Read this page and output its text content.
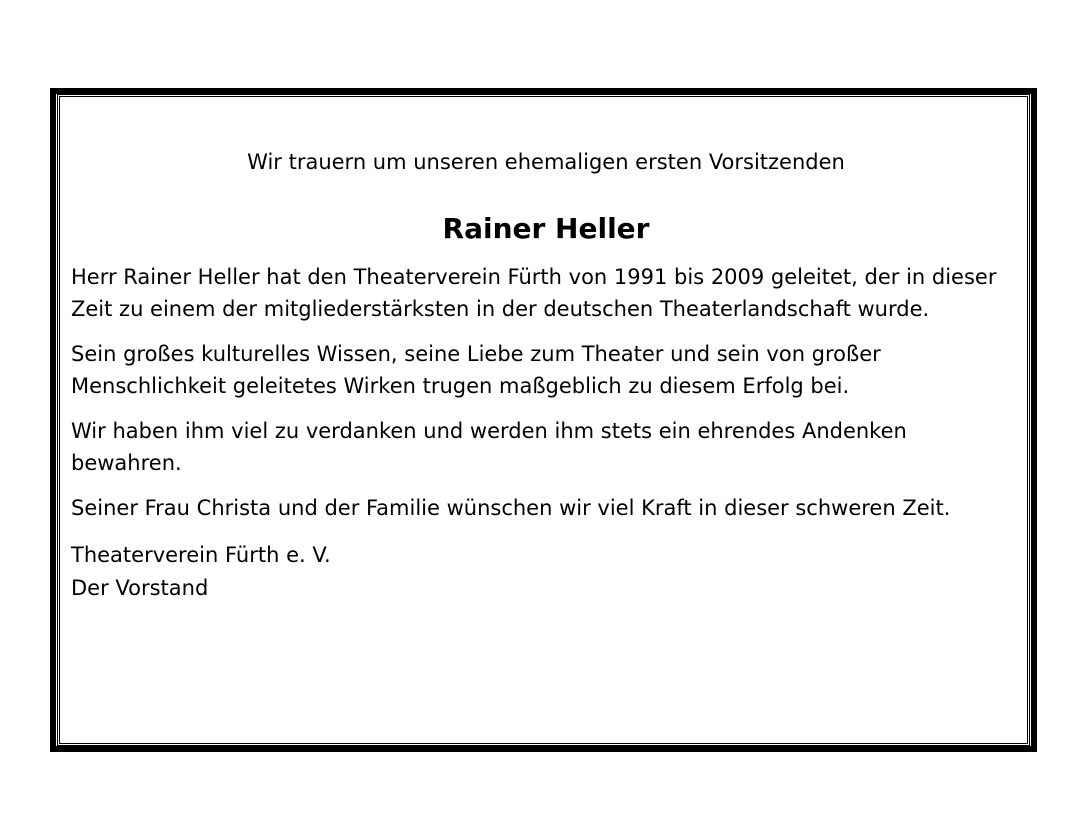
Wir trauern um unseren ehemaligen ersten Vorsitzenden

Rainer Heller

Herr Rainer Heller hat den Theaterverein Fürth von 1991 bis 2009 geleitet, der in dieser Zeit zu einem der mitgliederstärksten in der deutschen Theaterlandschaft wurde.

Sein großes kulturelles Wissen, seine Liebe zum Theater und sein von großer Menschlichkeit geleitetes Wirken trugen maßgeblich zu diesem Erfolg bei.

Wir haben ihm viel zu verdanken und werden ihm stets ein ehrendes Andenken bewahren.

Seiner Frau Christa und der Familie wünschen wir viel Kraft in dieser schweren Zeit.

Theaterverein Fürth e. V.
Der Vorstand
